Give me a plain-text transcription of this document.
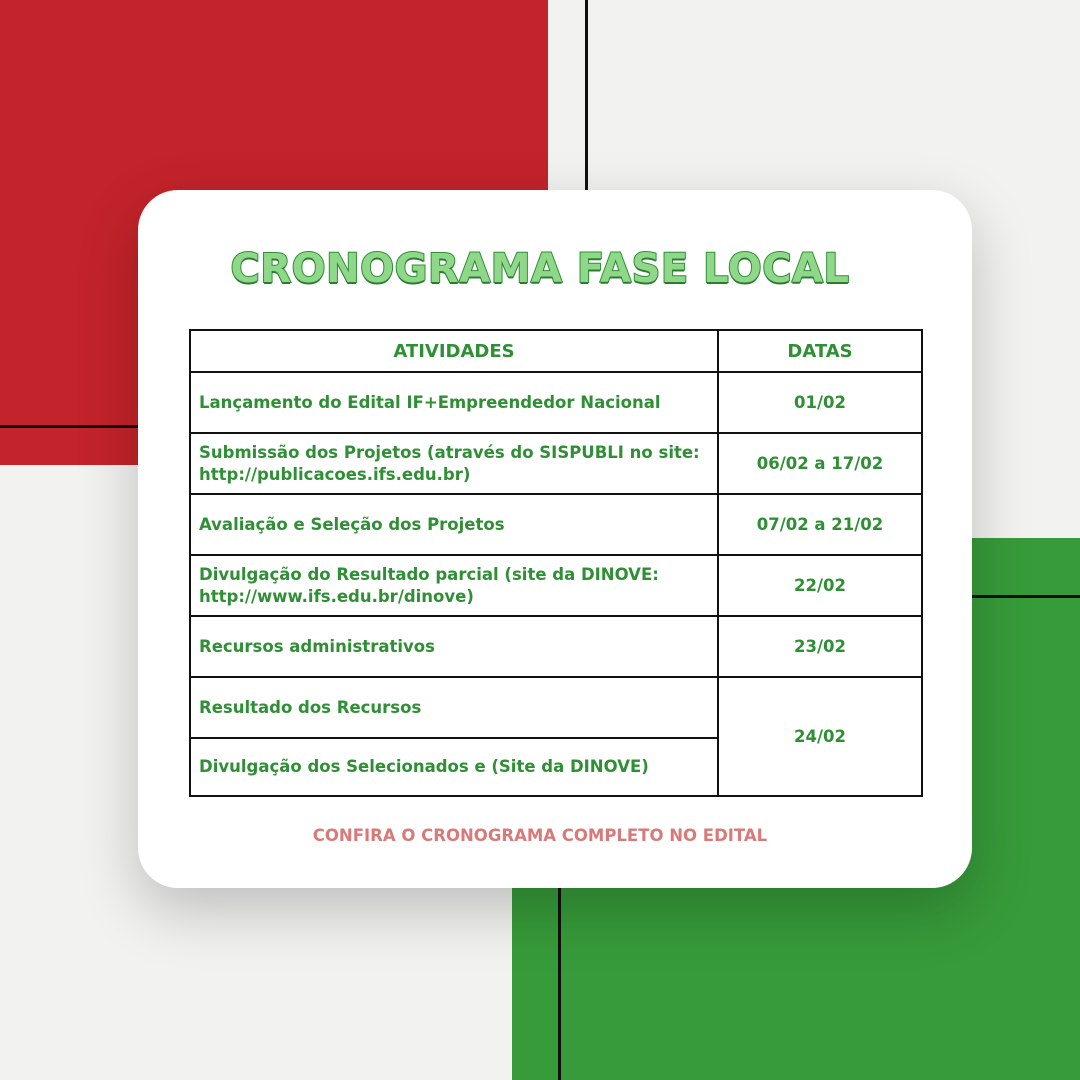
CRONOGRAMA FASE LOCAL
ATIVIDADES	DATAS
Lançamento do Edital IF+Empreendedor Nacional	01/02
Submissão dos Projetos (através do SISPUBLI no site: http://publicacoes.ifs.edu.br)	06/02 a 17/02
Avaliação e Seleção dos Projetos	07/02 a 21/02
Divulgação do Resultado parcial (site da DINOVE: http://www.ifs.edu.br/dinove)	22/02
Recursos administrativos	23/02
Resultado dos Recursos	24/02
Divulgação dos Selecionados e (Site da DINOVE)	
CONFIRA O CRONOGRAMA COMPLETO NO EDITAL
